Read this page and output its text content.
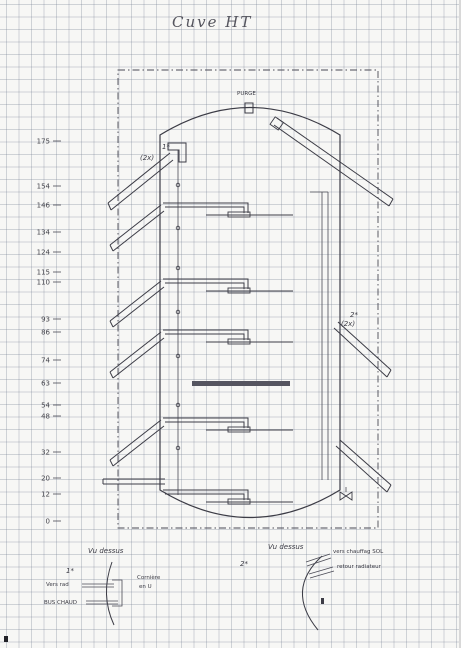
Cuve HT
PURGE
1*
(2x)
2*
(2x)
175
154
146
134
124
115
110
93
86
74
63
54
48
32
20
12
0
Vu dessus
1*
Vers rad
BUS CHAUD
Cornière
en U
Vu dessus
2*
vers chauffag SOL
retour radiateur
